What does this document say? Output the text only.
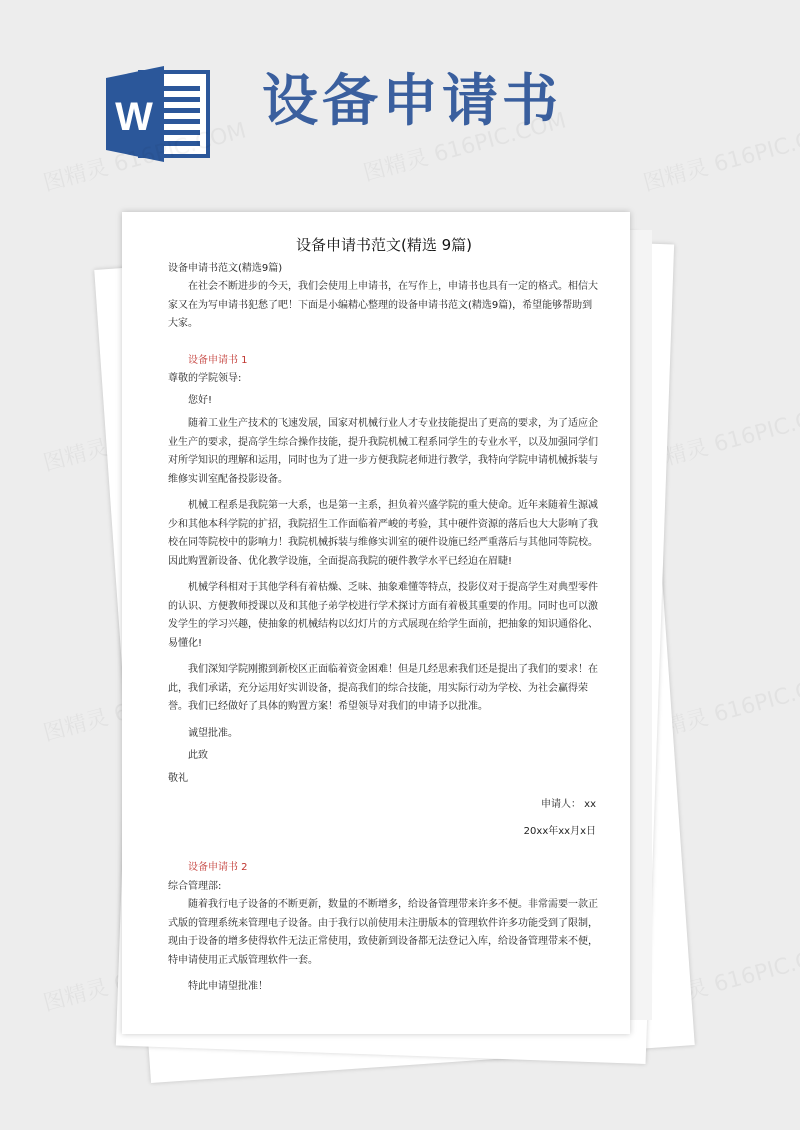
W 设备申请书

设备申请书范文(精选 9篇)

设备申请书范文(精选9篇)

在社会不断进步的今天，我们会使用上申请书，在写作上，申请书也具有一定的格式。相信大家又在为写申请书犯愁了吧！下面是小编精心整理的设备申请书范文(精选9篇)，希望能够帮助到大家。

设备申请书 1

尊敬的学院领导:

您好!

随着工业生产技术的飞速发展，国家对机械行业人才专业技能提出了更高的要求，为了适应企业生产的要求，提高学生综合操作技能，提升我院机械工程系同学生的专业水平，以及加强同学们对所学知识的理解和运用，同时也为了进一步方便我院老师进行教学，我特向学院申请机械拆装与维修实训室配备投影设备。

机械工程系是我院第一大系，也是第一主系，担负着兴盛学院的重大使命。近年来随着生源减少和其他本科学院的扩招，我院招生工作面临着严峻的考验，其中硬件资源的落后也大大影响了我校在同等院校中的影响力！我院机械拆装与维修实训室的硬件设施已经严重落后与其他同等院校。因此购置新设备、优化教学设施，全面提高我院的硬件教学水平已经迫在眉睫!

机械学科相对于其他学科有着枯燥、乏味、抽象难懂等特点，投影仪对于提高学生对典型零件的认识、方便教师授课以及和其他子弟学校进行学术探讨方面有着极其重要的作用。同时也可以激发学生的学习兴趣，使抽象的机械结构以幻灯片的方式展现在给学生面前，把抽象的知识通俗化、易懂化!

我们深知学院刚搬到新校区正面临着资金困难！但是几经思索我们还是提出了我们的要求！在此，我们承诺，充分运用好实训设备，提高我们的综合技能，用实际行动为学校、为社会赢得荣誉。我们已经做好了具体的购置方案！希望领导对我们的申请予以批准。

诚望批准。

此致

敬礼

申请人： xx

20xx年xx月x日

设备申请书 2

综合管理部:

随着我行电子设备的不断更新，数量的不断增多，给设备管理带来许多不便。非常需要一款正式版的管理系统来管理电子设备。由于我行以前使用未注册版本的管理软件许多功能受到了限制，现由于设备的增多使得软件无法正常使用，致使新到设备都无法登记入库，给设备管理带来不便，特申请使用正式版管理软件一套。

特此申请望批准！
